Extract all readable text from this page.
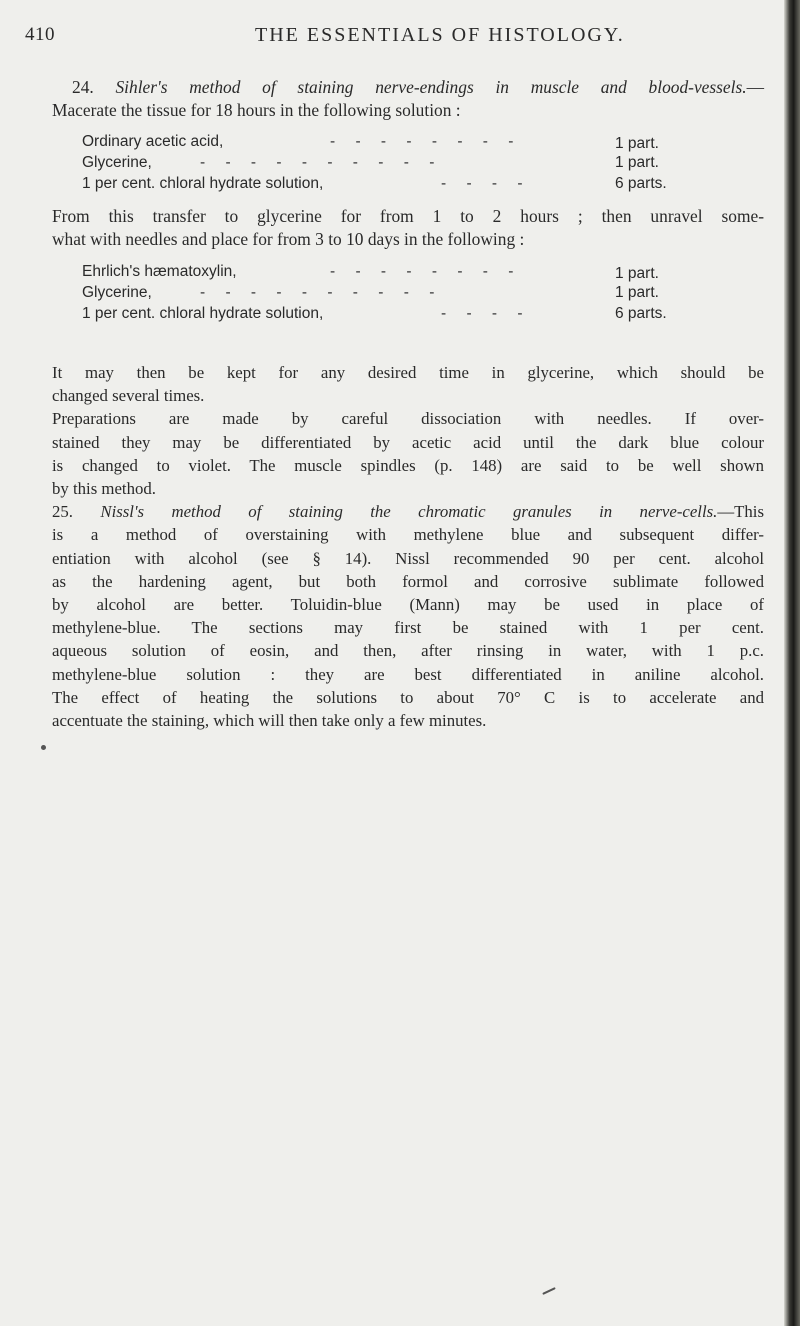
410	THE ESSENTIALS OF HISTOLOGY.
24. Sihler's method of staining nerve-endings in muscle and blood-vessels.—
Macerate the tissue for 18 hours in the following solution :
Ordinary acetic acid,	- - - - - - - -	1 part.
Glycerine,	- - - - - - - - - -	1 part.
1 per cent. chloral hydrate solution,	- - - -	6 parts.
From this transfer to glycerine for from 1 to 2 hours ; then unravel some-
what with needles and place for from 3 to 10 days in the following :
Ehrlich's hæmatoxylin,	- - - - - - - -	1 part.
Glycerine,	- - - - - - - - - -	1 part.
1 per cent. chloral hydrate solution,	- - - -	6 parts.
It may then be kept for any desired time in glycerine, which should be
changed several times.
Preparations are made by careful dissociation with needles. If over-
stained they may be differentiated by acetic acid until the dark blue colour
is changed to violet. The muscle spindles (p. 148) are said to be well shown
by this method.
25. Nissl's method of staining the chromatic granules in nerve-cells.—This
is a method of overstaining with methylene blue and subsequent differ-
entiation with alcohol (see § 14). Nissl recommended 90 per cent. alcohol
as the hardening agent, but both formol and corrosive sublimate followed
by alcohol are better. Toluidin-blue (Mann) may be used in place of
methylene-blue. The sections may first be stained with 1 per cent.
aqueous solution of eosin, and then, after rinsing in water, with 1 p.c.
methylene-blue solution : they are best differentiated in aniline alcohol.
The effect of heating the solutions to about 70° C is to accelerate and
accentuate the staining, which will then take only a few minutes.
